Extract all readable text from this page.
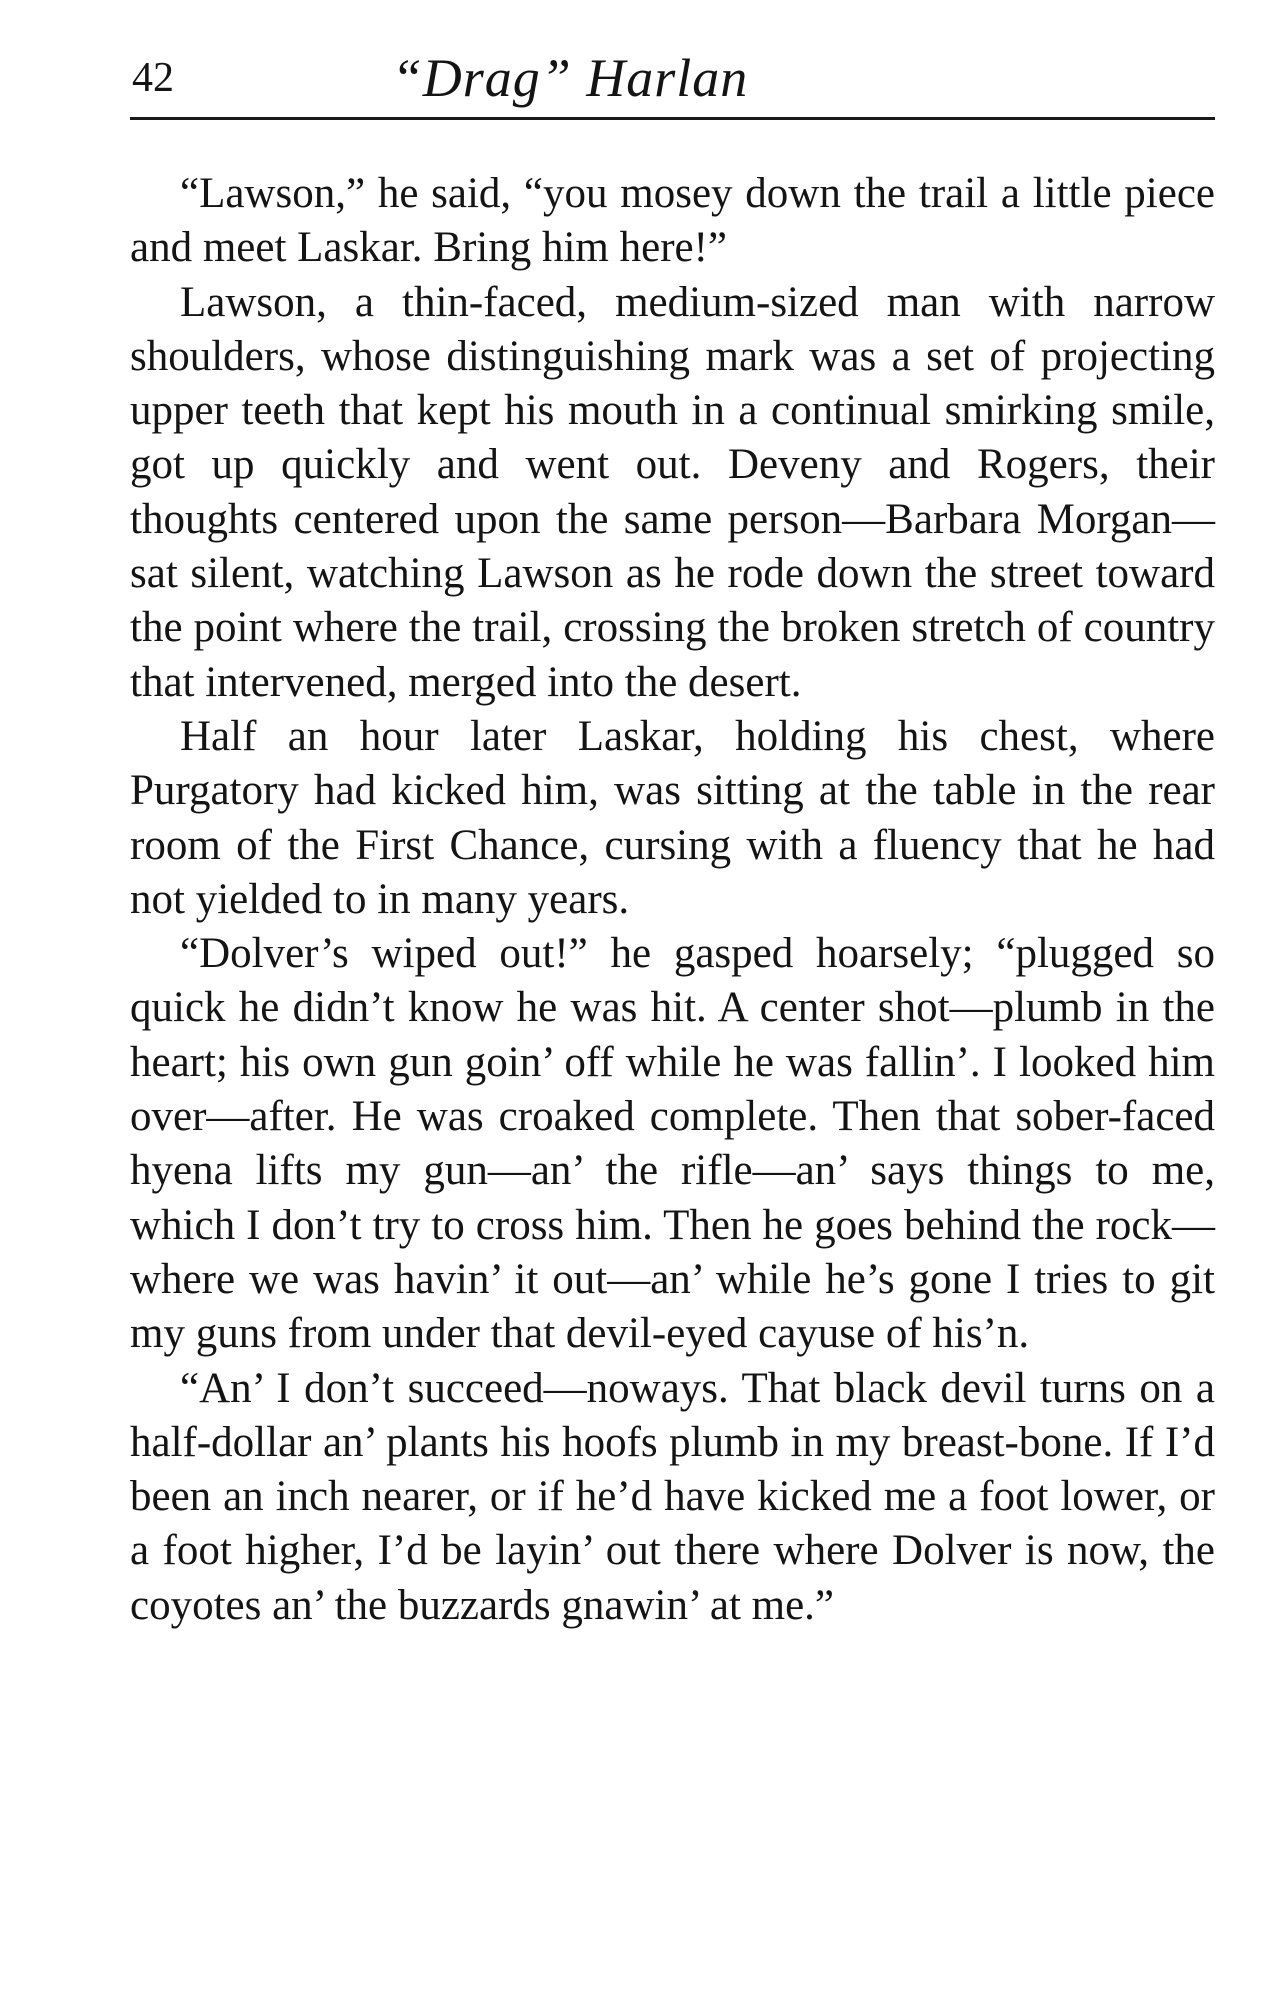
42	“Drag” Harlan

“Lawson,” he said, “you mosey down the trail a little piece and meet Laskar. Bring him here!”

Lawson, a thin-faced, medium-sized man with narrow shoulders, whose distinguishing mark was a set of projecting upper teeth that kept his mouth in a continual smirking smile, got up quickly and went out. Deveny and Rogers, their thoughts centered upon the same person—Barbara Morgan—sat silent, watching Lawson as he rode down the street toward the point where the trail, crossing the broken stretch of country that intervened, merged into the desert.

Half an hour later Laskar, holding his chest, where Purgatory had kicked him, was sitting at the table in the rear room of the First Chance, cursing with a fluency that he had not yielded to in many years.

“Dolver’s wiped out!” he gasped hoarsely; “plugged so quick he didn’t know he was hit. A center shot—plumb in the heart; his own gun goin’ off while he was fallin’. I looked him over—after. He was croaked complete. Then that sober-faced hyena lifts my gun—an’ the rifle—an’ says things to me, which I don’t try to cross him. Then he goes behind the rock—where we was havin’ it out—an’ while he’s gone I tries to git my guns from under that devil-eyed cayuse of his’n.

“An’ I don’t succeed—noways. That black devil turns on a half-dollar an’ plants his hoofs plumb in my breast-bone. If I’d been an inch nearer, or if he’d have kicked me a foot lower, or a foot higher, I’d be layin’ out there where Dolver is now, the coyotes an’ the buzzards gnawin’ at me.”
